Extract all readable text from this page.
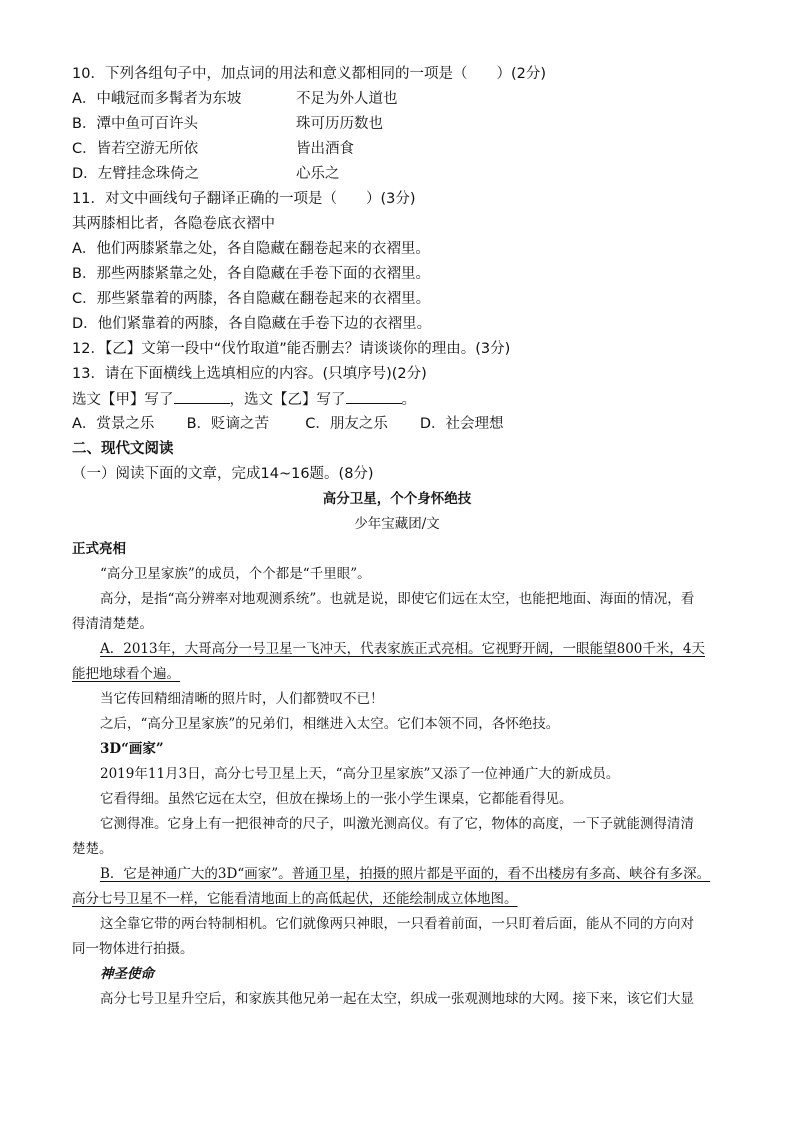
10．下列各组句子中，加点词的用法和意义都相同的一项是（　　）(2分)
A．中峨冠而多髯者为东坡	不足为外人道也
B．潭中鱼可百许头	珠可历历数也
C．皆若空游无所依	皆出酒食
D．左臂挂念珠倚之	心乐之
11．对文中画线句子翻译正确的一项是（　　）(3分)
其两膝相比者，各隐卷底衣褶中
A．他们两膝紧靠之处，各自隐藏在翻卷起来的衣褶里。
B．那些两膝紧靠之处，各自隐藏在手卷下面的衣褶里。
C．那些紧靠着的两膝，各自隐藏在翻卷起来的衣褶里。
D．他们紧靠着的两膝，各自隐藏在手卷下边的衣褶里。
12．【乙】文第一段中“伐竹取道”能否删去？请谈谈你的理由。(3分)
13．请在下面横线上选填相应的内容。(只填序号)(2分)
选文【甲】写了	，选文【乙】写了	。
A．赏景之乐 B．贬谪之苦 C．朋友之乐 D．社会理想
二、现代文阅读
（一）阅读下面的文章，完成14~16题。(8分)
高分卫星，个个身怀绝技
少年宝藏团/文
正式亮相
“高分卫星家族”的成员，个个都是“千里眼”。
高分，是指“高分辨率对地观测系统”。也就是说，即使它们远在太空，也能把地面、海面的情况，看
得清清楚楚。
A．2013年，大哥高分一号卫星一飞冲天，代表家族正式亮相。它视野开阔，一眼能望800千米，4天
能把地球看个遍。
当它传回精细清晰的照片时，人们都赞叹不已！
之后，“高分卫星家族”的兄弟们，相继进入太空。它们本领不同，各怀绝技。
3D“画家”
2019年11月3日，高分七号卫星上天，“高分卫星家族”又添了一位神通广大的新成员。
它看得细。虽然它远在太空，但放在操场上的一张小学生课桌，它都能看得见。
它测得准。它身上有一把很神奇的尺子，叫激光测高仪。有了它，物体的高度，一下子就能测得清清
楚楚。
B．它是神通广大的3D“画家”。普通卫星，拍摄的照片都是平面的，看不出楼房有多高、峡谷有多深。
高分七号卫星不一样，它能看清地面上的高低起伏，还能绘制成立体地图。
这全靠它带的两台特制相机。它们就像两只神眼，一只看着前面，一只盯着后面，能从不同的方向对
同一物体进行拍摄。
神圣使命
高分七号卫星升空后，和家族其他兄弟一起在太空，织成一张观测地球的大网。接下来，该它们大显
